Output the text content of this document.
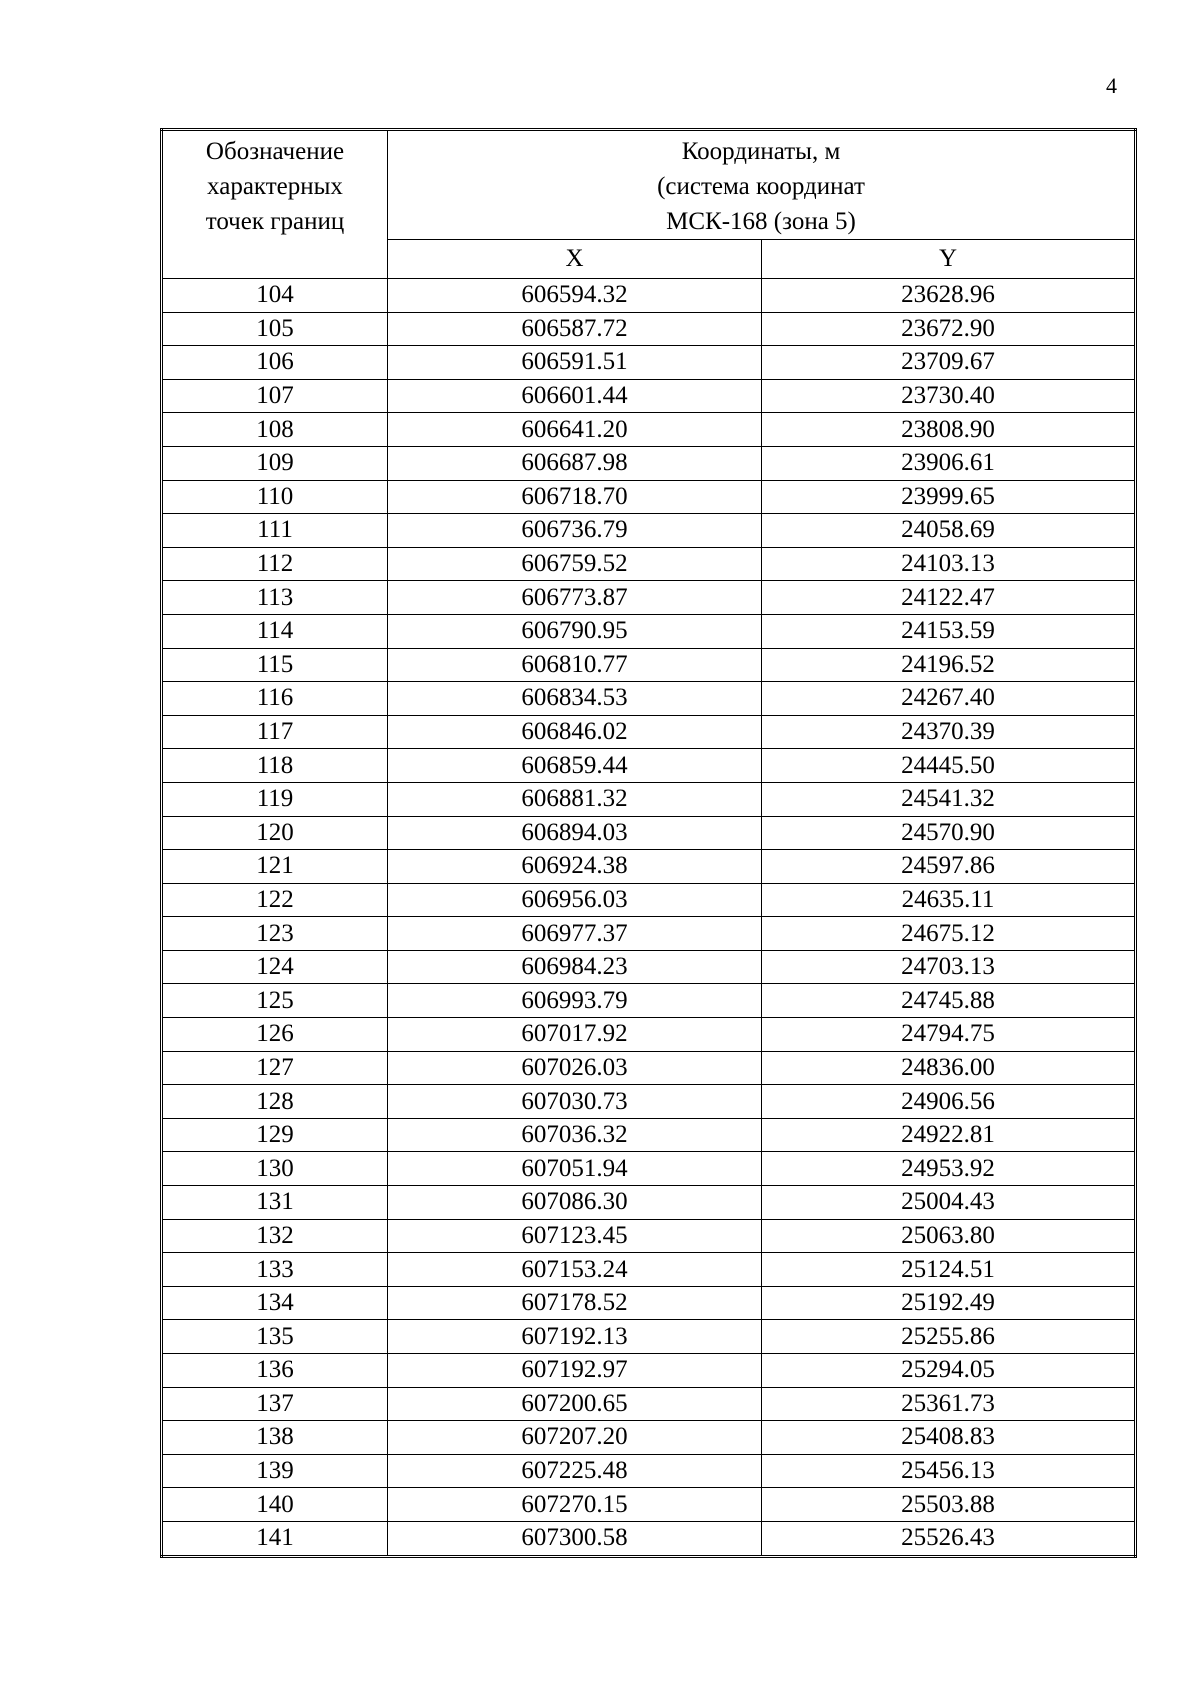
4
Обозначение
характерных
точек границ	Координаты, м
(система координат
МСК-168 (зона 5)	

	X	Y
104	606594.32	23628.96
105	606587.72	23672.90
106	606591.51	23709.67
107	606601.44	23730.40
108	606641.20	23808.90
109	606687.98	23906.61
110	606718.70	23999.65
111	606736.79	24058.69
112	606759.52	24103.13
113	606773.87	24122.47
114	606790.95	24153.59
115	606810.77	24196.52
116	606834.53	24267.40
117	606846.02	24370.39
118	606859.44	24445.50
119	606881.32	24541.32
120	606894.03	24570.90
121	606924.38	24597.86
122	606956.03	24635.11
123	606977.37	24675.12
124	606984.23	24703.13
125	606993.79	24745.88
126	607017.92	24794.75
127	607026.03	24836.00
128	607030.73	24906.56
129	607036.32	24922.81
130	607051.94	24953.92
131	607086.30	25004.43
132	607123.45	25063.80
133	607153.24	25124.51
134	607178.52	25192.49
135	607192.13	25255.86
136	607192.97	25294.05
137	607200.65	25361.73
138	607207.20	25408.83
139	607225.48	25456.13
140	607270.15	25503.88
141	607300.58	25526.43
